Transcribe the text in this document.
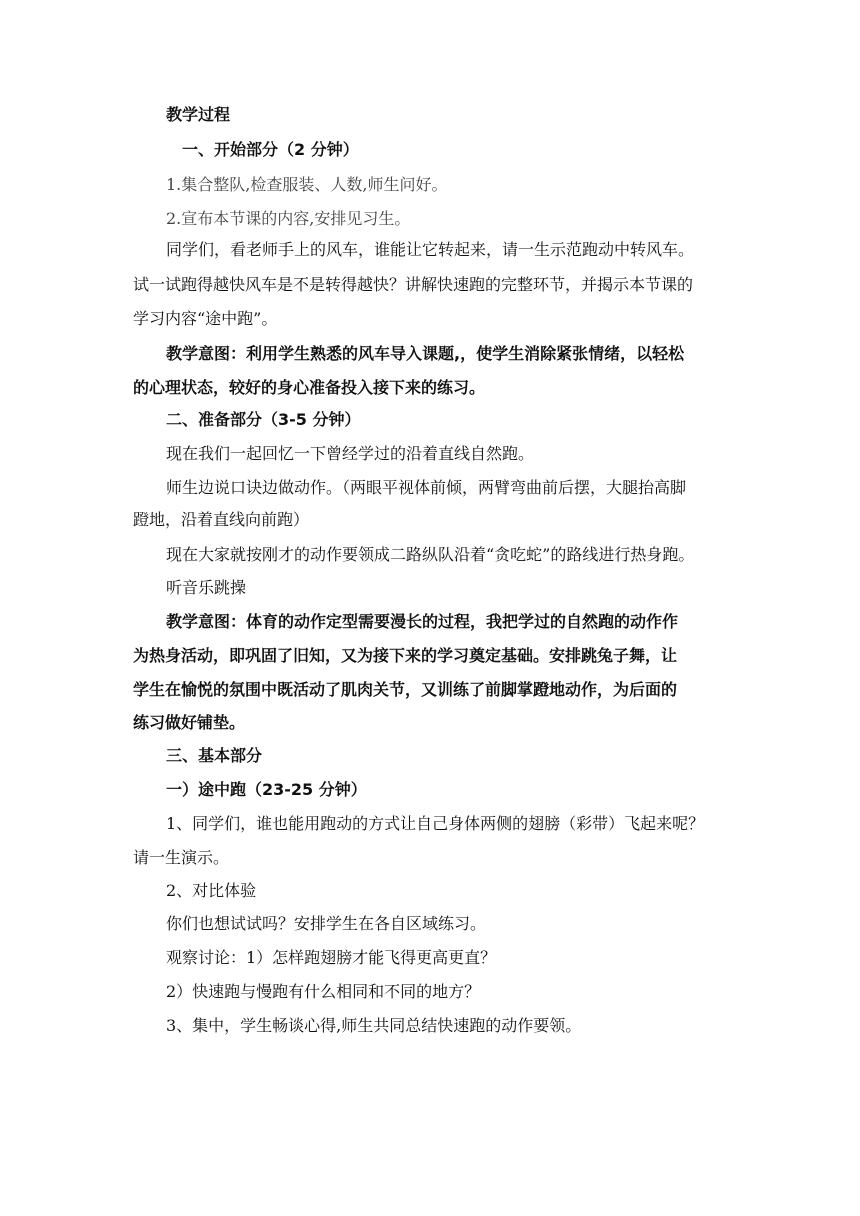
教学过程
一、开始部分（2 分钟）
1.集合整队,检查服装、人数,师生问好。
2.宣布本节课的内容,安排见习生。
同学们，看老师手上的风车，谁能让它转起来，请一生示范跑动中转风车。
试一试跑得越快风车是不是转得越快？讲解快速跑的完整环节，并揭示本节课的
学习内容“途中跑”。
教学意图：利用学生熟悉的风车导入课题,，使学生消除紧张情绪，以轻松
的心理状态，较好的身心准备投入接下来的练习。
二、准备部分（3-5 分钟）
现在我们一起回忆一下曾经学过的沿着直线自然跑。
师生边说口诀边做动作。（两眼平视体前倾，两臂弯曲前后摆，大腿抬高脚
蹬地，沿着直线向前跑）
现在大家就按刚才的动作要领成二路纵队沿着“贪吃蛇”的路线进行热身跑。
听音乐跳操
教学意图：体育的动作定型需要漫长的过程，我把学过的自然跑的动作作
为热身活动，即巩固了旧知，又为接下来的学习奠定基础。安排跳兔子舞，让
学生在愉悦的氛围中既活动了肌肉关节，又训练了前脚掌蹬地动作，为后面的
练习做好铺垫。
三、基本部分
一）途中跑（23-25 分钟）
1、同学们，谁也能用跑动的方式让自己身体两侧的翅膀（彩带）飞起来呢？
请一生演示。
2、对比体验
你们也想试试吗？安排学生在各自区域练习。
观察讨论：1）怎样跑翅膀才能飞得更高更直？
2）快速跑与慢跑有什么相同和不同的地方？
3、集中，学生畅谈心得,师生共同总结快速跑的动作要领。
